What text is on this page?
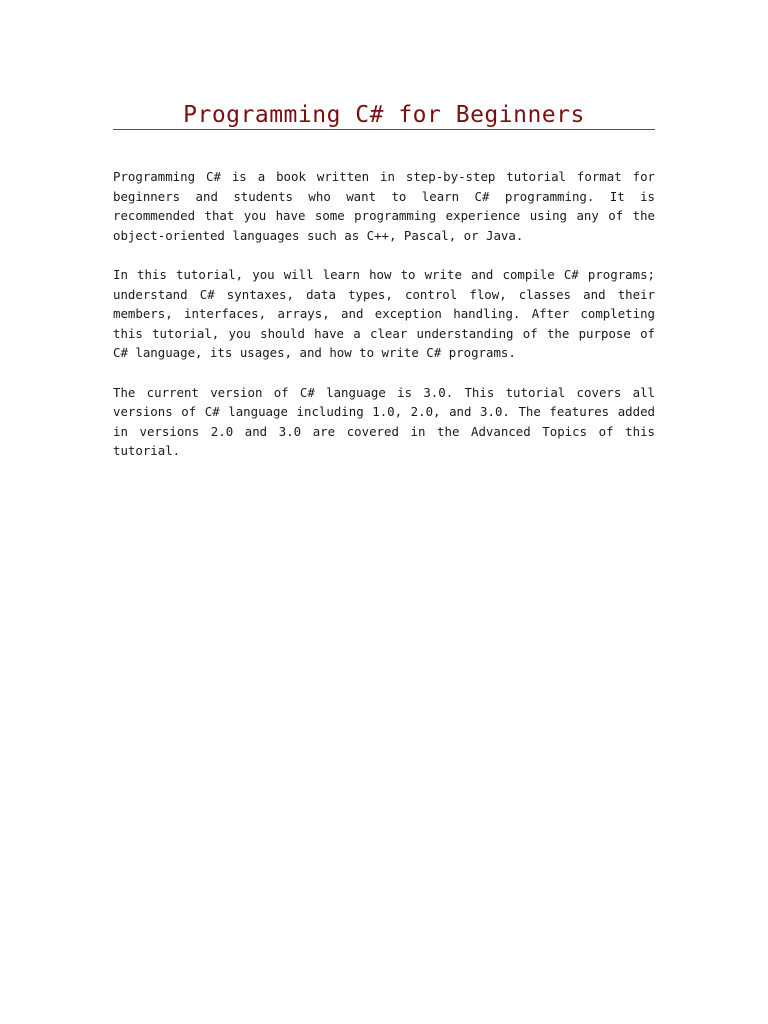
Programming C# for Beginners

Programming C# is a book written in step-by-step tutorial format for beginners and students who want to learn C# programming. It is recommended that you have some programming experience using any of the object-oriented languages such as C++, Pascal, or Java.

In this tutorial, you will learn how to write and compile C# programs; understand C# syntaxes, data types, control flow, classes and their members, interfaces, arrays, and exception handling. After completing this tutorial, you should have a clear understanding of the purpose of C# language, its usages, and how to write C# programs.

The current version of C# language is 3.0. This tutorial covers all versions of C# language including 1.0, 2.0, and 3.0. The features added in versions 2.0 and 3.0 are covered in the Advanced Topics of this tutorial.
